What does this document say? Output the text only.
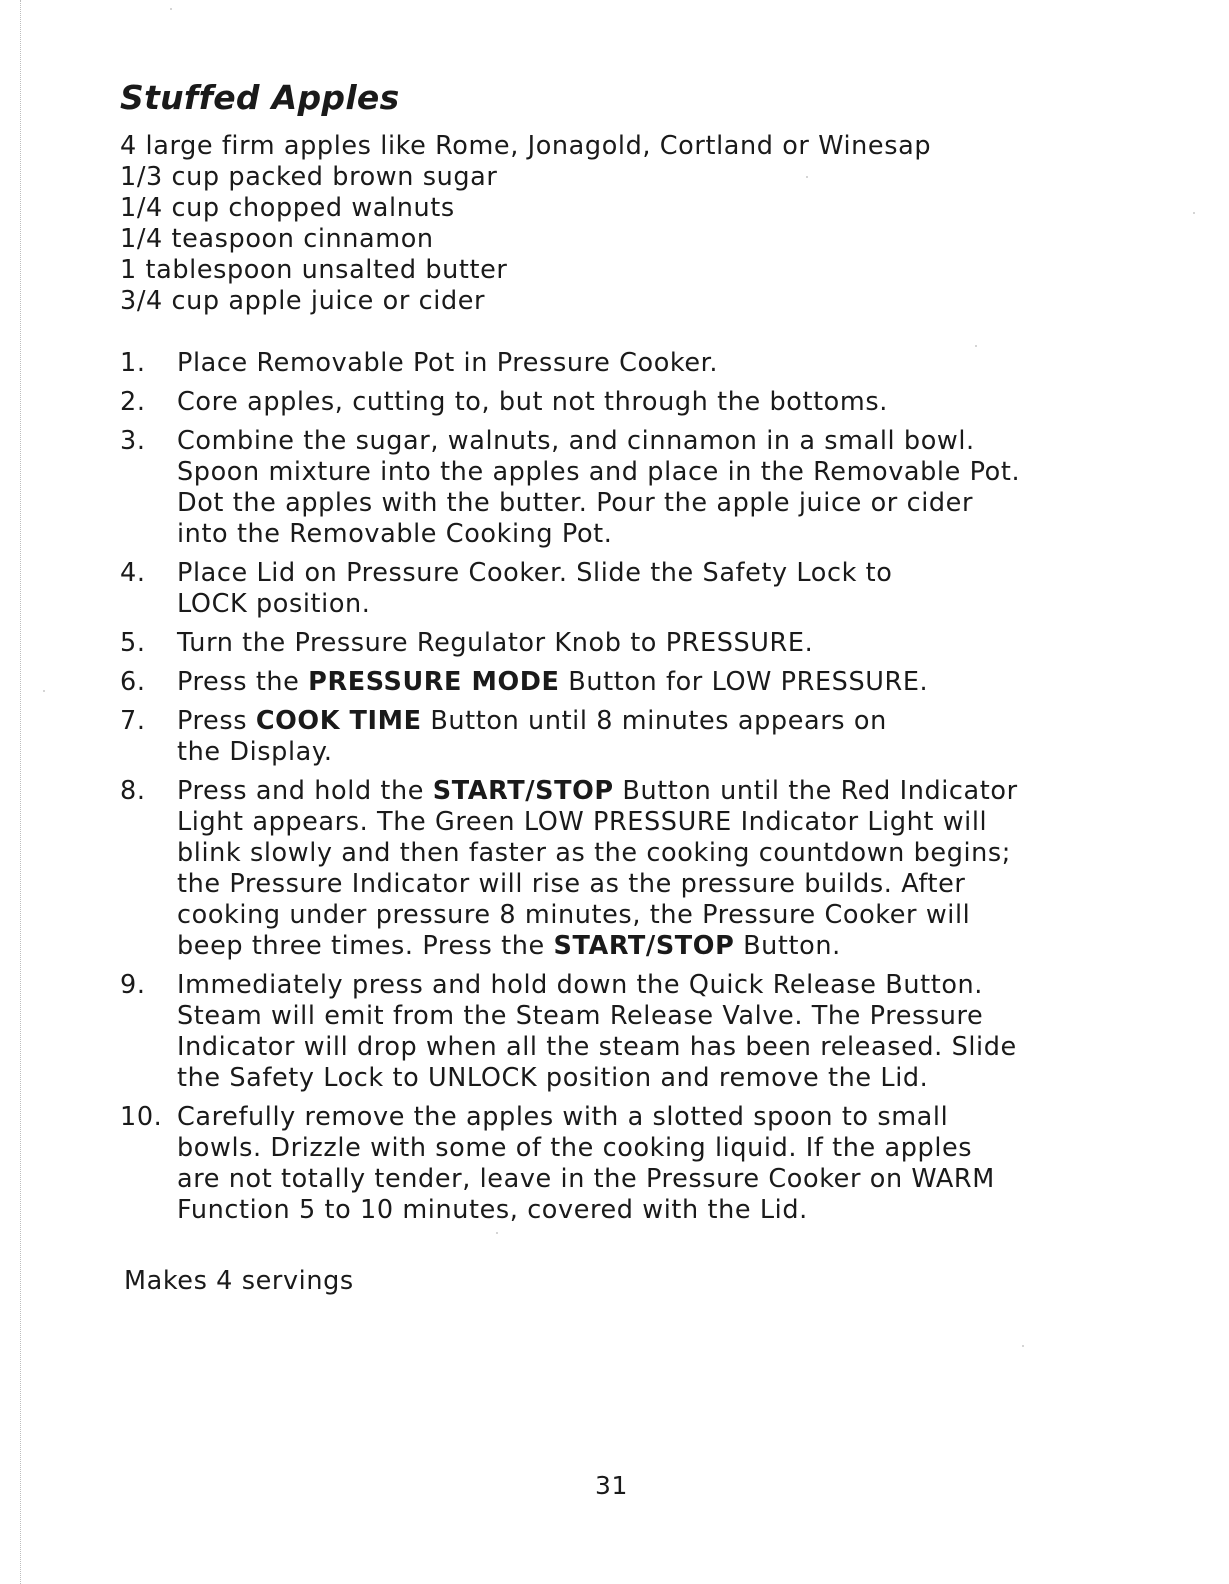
Stuffed Apples
4 large firm apples like Rome, Jonagold, Cortland or Winesap
1/3 cup packed brown sugar
1/4 cup chopped walnuts
1/4 teaspoon cinnamon
1 tablespoon unsalted butter
3/4 cup apple juice or cider
1. Place Removable Pot in Pressure Cooker.
2. Core apples, cutting to, but not through the bottoms.
3. Combine the sugar, walnuts, and cinnamon in a small bowl.
Spoon mixture into the apples and place in the Removable Pot.
Dot the apples with the butter. Pour the apple juice or cider
into the Removable Cooking Pot.
4. Place Lid on Pressure Cooker. Slide the Safety Lock to
LOCK position.
5. Turn the Pressure Regulator Knob to PRESSURE.
6. Press the PRESSURE MODE Button for LOW PRESSURE.
7. Press COOK TIME Button until 8 minutes appears on
the Display.
8. Press and hold the START/STOP Button until the Red Indicator
Light appears. The Green LOW PRESSURE Indicator Light will
blink slowly and then faster as the cooking countdown begins;
the Pressure Indicator will rise as the pressure builds. After
cooking under pressure 8 minutes, the Pressure Cooker will
beep three times. Press the START/STOP Button.
9. Immediately press and hold down the Quick Release Button.
Steam will emit from the Steam Release Valve. The Pressure
Indicator will drop when all the steam has been released. Slide
the Safety Lock to UNLOCK position and remove the Lid.
10. Carefully remove the apples with a slotted spoon to small
bowls. Drizzle with some of the cooking liquid. If the apples
are not totally tender, leave in the Pressure Cooker on WARM
Function 5 to 10 minutes, covered with the Lid.

Makes 4 servings

31
